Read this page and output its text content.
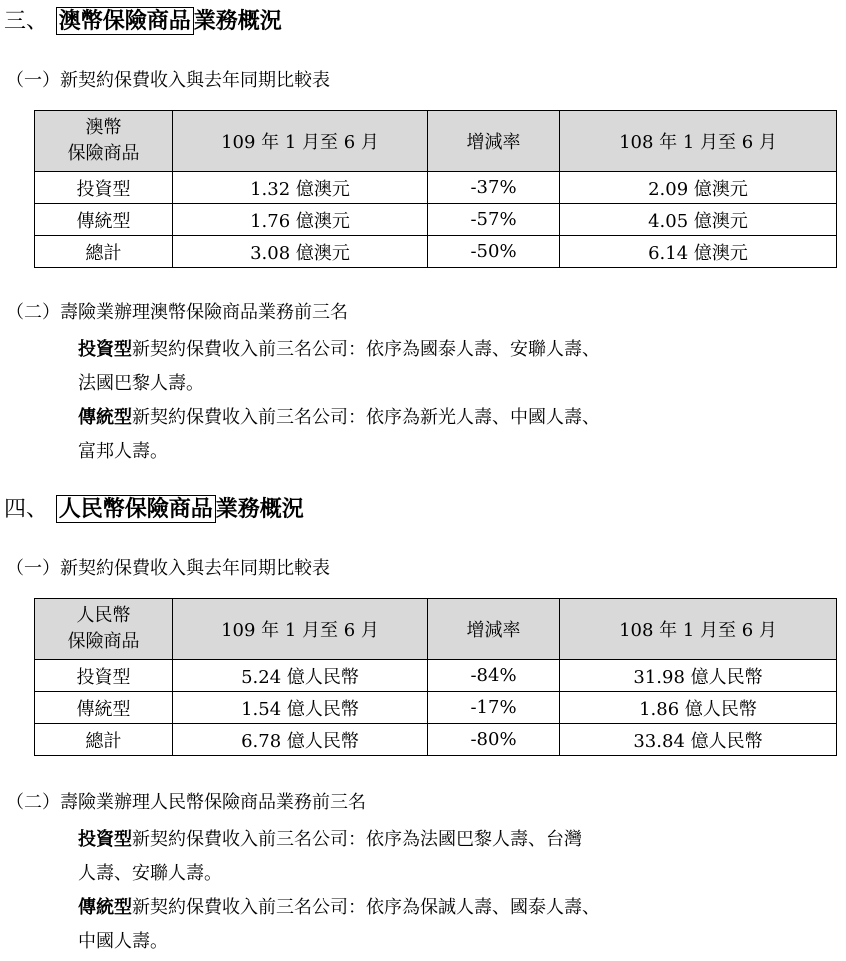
三、 澳幣保險商品 業務概況
（一）新契約保費收入與去年同期比較表
澳幣
保險商品	109 年 1 月至 6 月	增減率	108 年 1 月至 6 月
投資型	1.32 億澳元	-37%	2.09 億澳元
傳統型	1.76 億澳元	-57%	4.05 億澳元
總計	3.08 億澳元	-50%	6.14 億澳元
（二）壽險業辦理澳幣保險商品業務前三名
投資型新契約保費收入前三名公司：依序為國泰人壽、安聯人壽、
法國巴黎人壽。
傳統型新契約保費收入前三名公司：依序為新光人壽、中國人壽、
富邦人壽。
四、 人民幣保險商品 業務概況
（一）新契約保費收入與去年同期比較表
人民幣
保險商品	109 年 1 月至 6 月	增減率	108 年 1 月至 6 月
投資型	5.24 億人民幣	-84%	31.98 億人民幣
傳統型	1.54 億人民幣	-17%	1.86 億人民幣
總計	6.78 億人民幣	-80%	33.84 億人民幣
（二）壽險業辦理人民幣保險商品業務前三名
投資型新契約保費收入前三名公司：依序為法國巴黎人壽、台灣
人壽、安聯人壽。
傳統型新契約保費收入前三名公司：依序為保誠人壽、國泰人壽、
中國人壽。
